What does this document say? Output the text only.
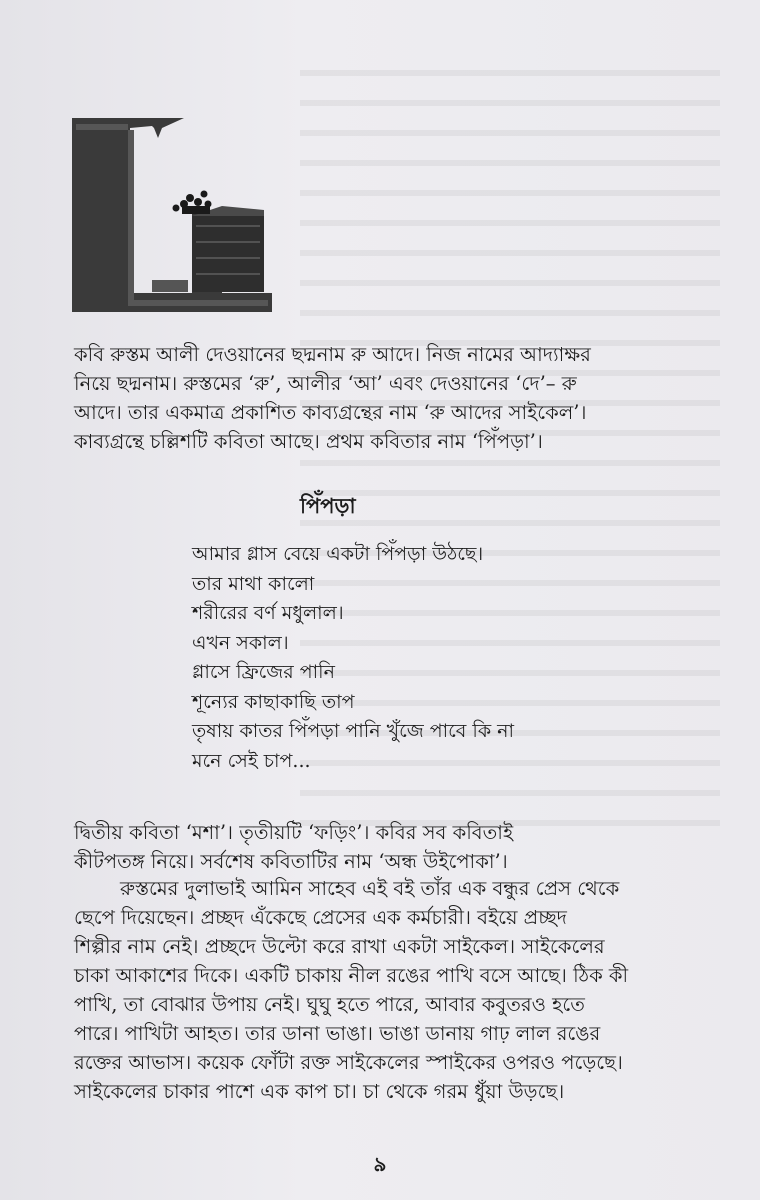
কবি রুস্তম আলী দেওয়ানের ছদ্মনাম রু আদে। নিজ নামের আদ্যাক্ষর
নিয়ে ছদ্মনাম। রুস্তমের ‘রু’, আলীর ‘আ’ এবং দেওয়ানের ‘দে’– রু
আদে। তার একমাত্র প্রকাশিত কাব্যগ্রন্থের নাম ‘রু আদের সাইকেল’।
কাব্যগ্রন্থে চল্লিশটি কবিতা আছে। প্রথম কবিতার নাম ‘পিঁপড়া’।

পিঁপড়া
আমার গ্লাস বেয়ে একটা পিঁপড়া উঠছে।
তার মাথা কালো
শরীরের বর্ণ মধুলাল।
এখন সকাল।
গ্লাসে ফ্রিজের পানি
শূন্যের কাছাকাছি তাপ
তৃষায় কাতর পিঁপড়া পানি খুঁজে পাবে কি না
মনে সেই চাপ...

দ্বিতীয় কবিতা ‘মশা’। তৃতীয়টি ‘ফড়িং’। কবির সব কবিতাই
কীটপতঙ্গ নিয়ে। সর্বশেষ কবিতাটির নাম ‘অন্ধ উইপোকা’।

রুস্তমের দুলাভাই আমিন সাহেব এই বই তাঁর এক বন্ধুর প্রেস থেকে
ছেপে দিয়েছেন। প্রচ্ছদ এঁকেছে প্রেসের এক কর্মচারী। বইয়ে প্রচ্ছদ
শিল্পীর নাম নেই। প্রচ্ছদে উল্টো করে রাখা একটা সাইকেল। সাইকেলের
চাকা আকাশের দিকে। একটি চাকায় নীল রঙের পাখি বসে আছে। ঠিক কী
পাখি, তা বোঝার উপায় নেই। ঘুঘু হতে পারে, আবার কবুতরও হতে
পারে। পাখিটা আহত। তার ডানা ভাঙা। ভাঙা ডানায় গাঢ় লাল রঙের
রক্তের আভাস। কয়েক ফোঁটা রক্ত সাইকেলের স্পাইকের ওপরও পড়েছে।
সাইকেলের চাকার পাশে এক কাপ চা। চা থেকে গরম ধুঁয়া উড়ছে।

৯
